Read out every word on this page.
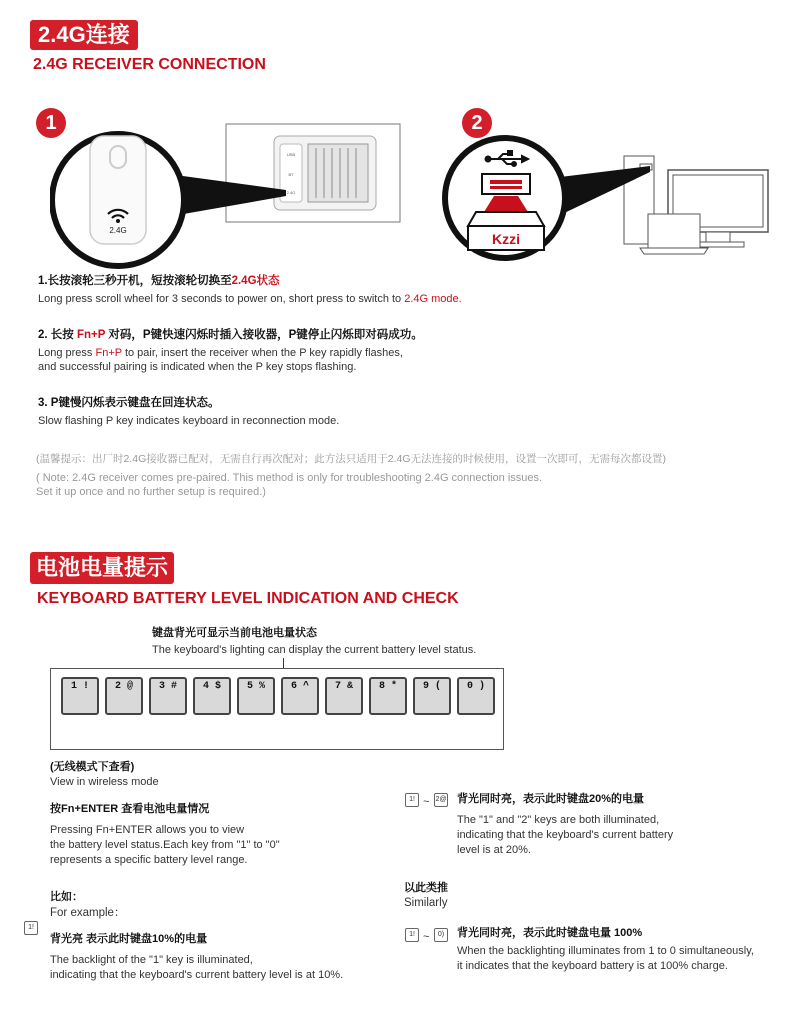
2.4G连接
2.4G RECEIVER CONNECTION
1	2
USB
BT
2.4G
2.4G
Kzzi
1.长按滚轮三秒开机，短按滚轮切换至2.4G状态
Long press scroll wheel for 3 seconds to power on, short press to switch to 2.4G mode.
2. 长按 Fn+P 对码，P键快速闪烁时插入接收器，P键停止闪烁即对码成功。
Long press Fn+P to pair, insert the receiver when the P key rapidly flashes,
and successful pairing is indicated when the P key stops flashing.
3. P键慢闪烁表示键盘在回连状态。
Slow flashing P key indicates keyboard in reconnection mode.
(温馨提示：出厂时2.4G接收器已配对，无需自行再次配对；此方法只适用于2.4G无法连接的时候使用，设置一次即可，无需每次都设置)
( Note: 2.4G receiver comes pre-paired. This method is only for troubleshooting 2.4G connection issues.
Set it up once and no further setup is required.)
电池电量提示
KEYBOARD BATTERY LEVEL INDICATION AND CHECK
键盘背光可显示当前电池电量状态
The keyboard's lighting can display the current battery level status.
1 !	2 @	3 #	4 $	5 %	6 ^	7 &	8 *	9 (	0 )
(无线模式下查看)
View in wireless mode
按Fn+ENTER 查看电池电量情况
Pressing Fn+ENTER allows you to view
the battery level status.Each key from "1" to "0"
represents a specific battery level range.
比如：
For example：
1!
背光亮 表示此时键盘10%的电量
The backlight of the "1" key is illuminated,
indicating that the keyboard's current battery level is at 10%.
1! ~ 2@ 背光同时亮，表示此时键盘20%的电量
The "1" and "2" keys are both illuminated,
indicating that the keyboard's current battery
level is at 20%.
以此类推
Similarly
1! ~	0)	背光同时亮，表示此时键盘电量 100%
When the backlighting illuminates from 1 to 0 simultaneously,
it indicates that the keyboard battery is at 100% charge.
